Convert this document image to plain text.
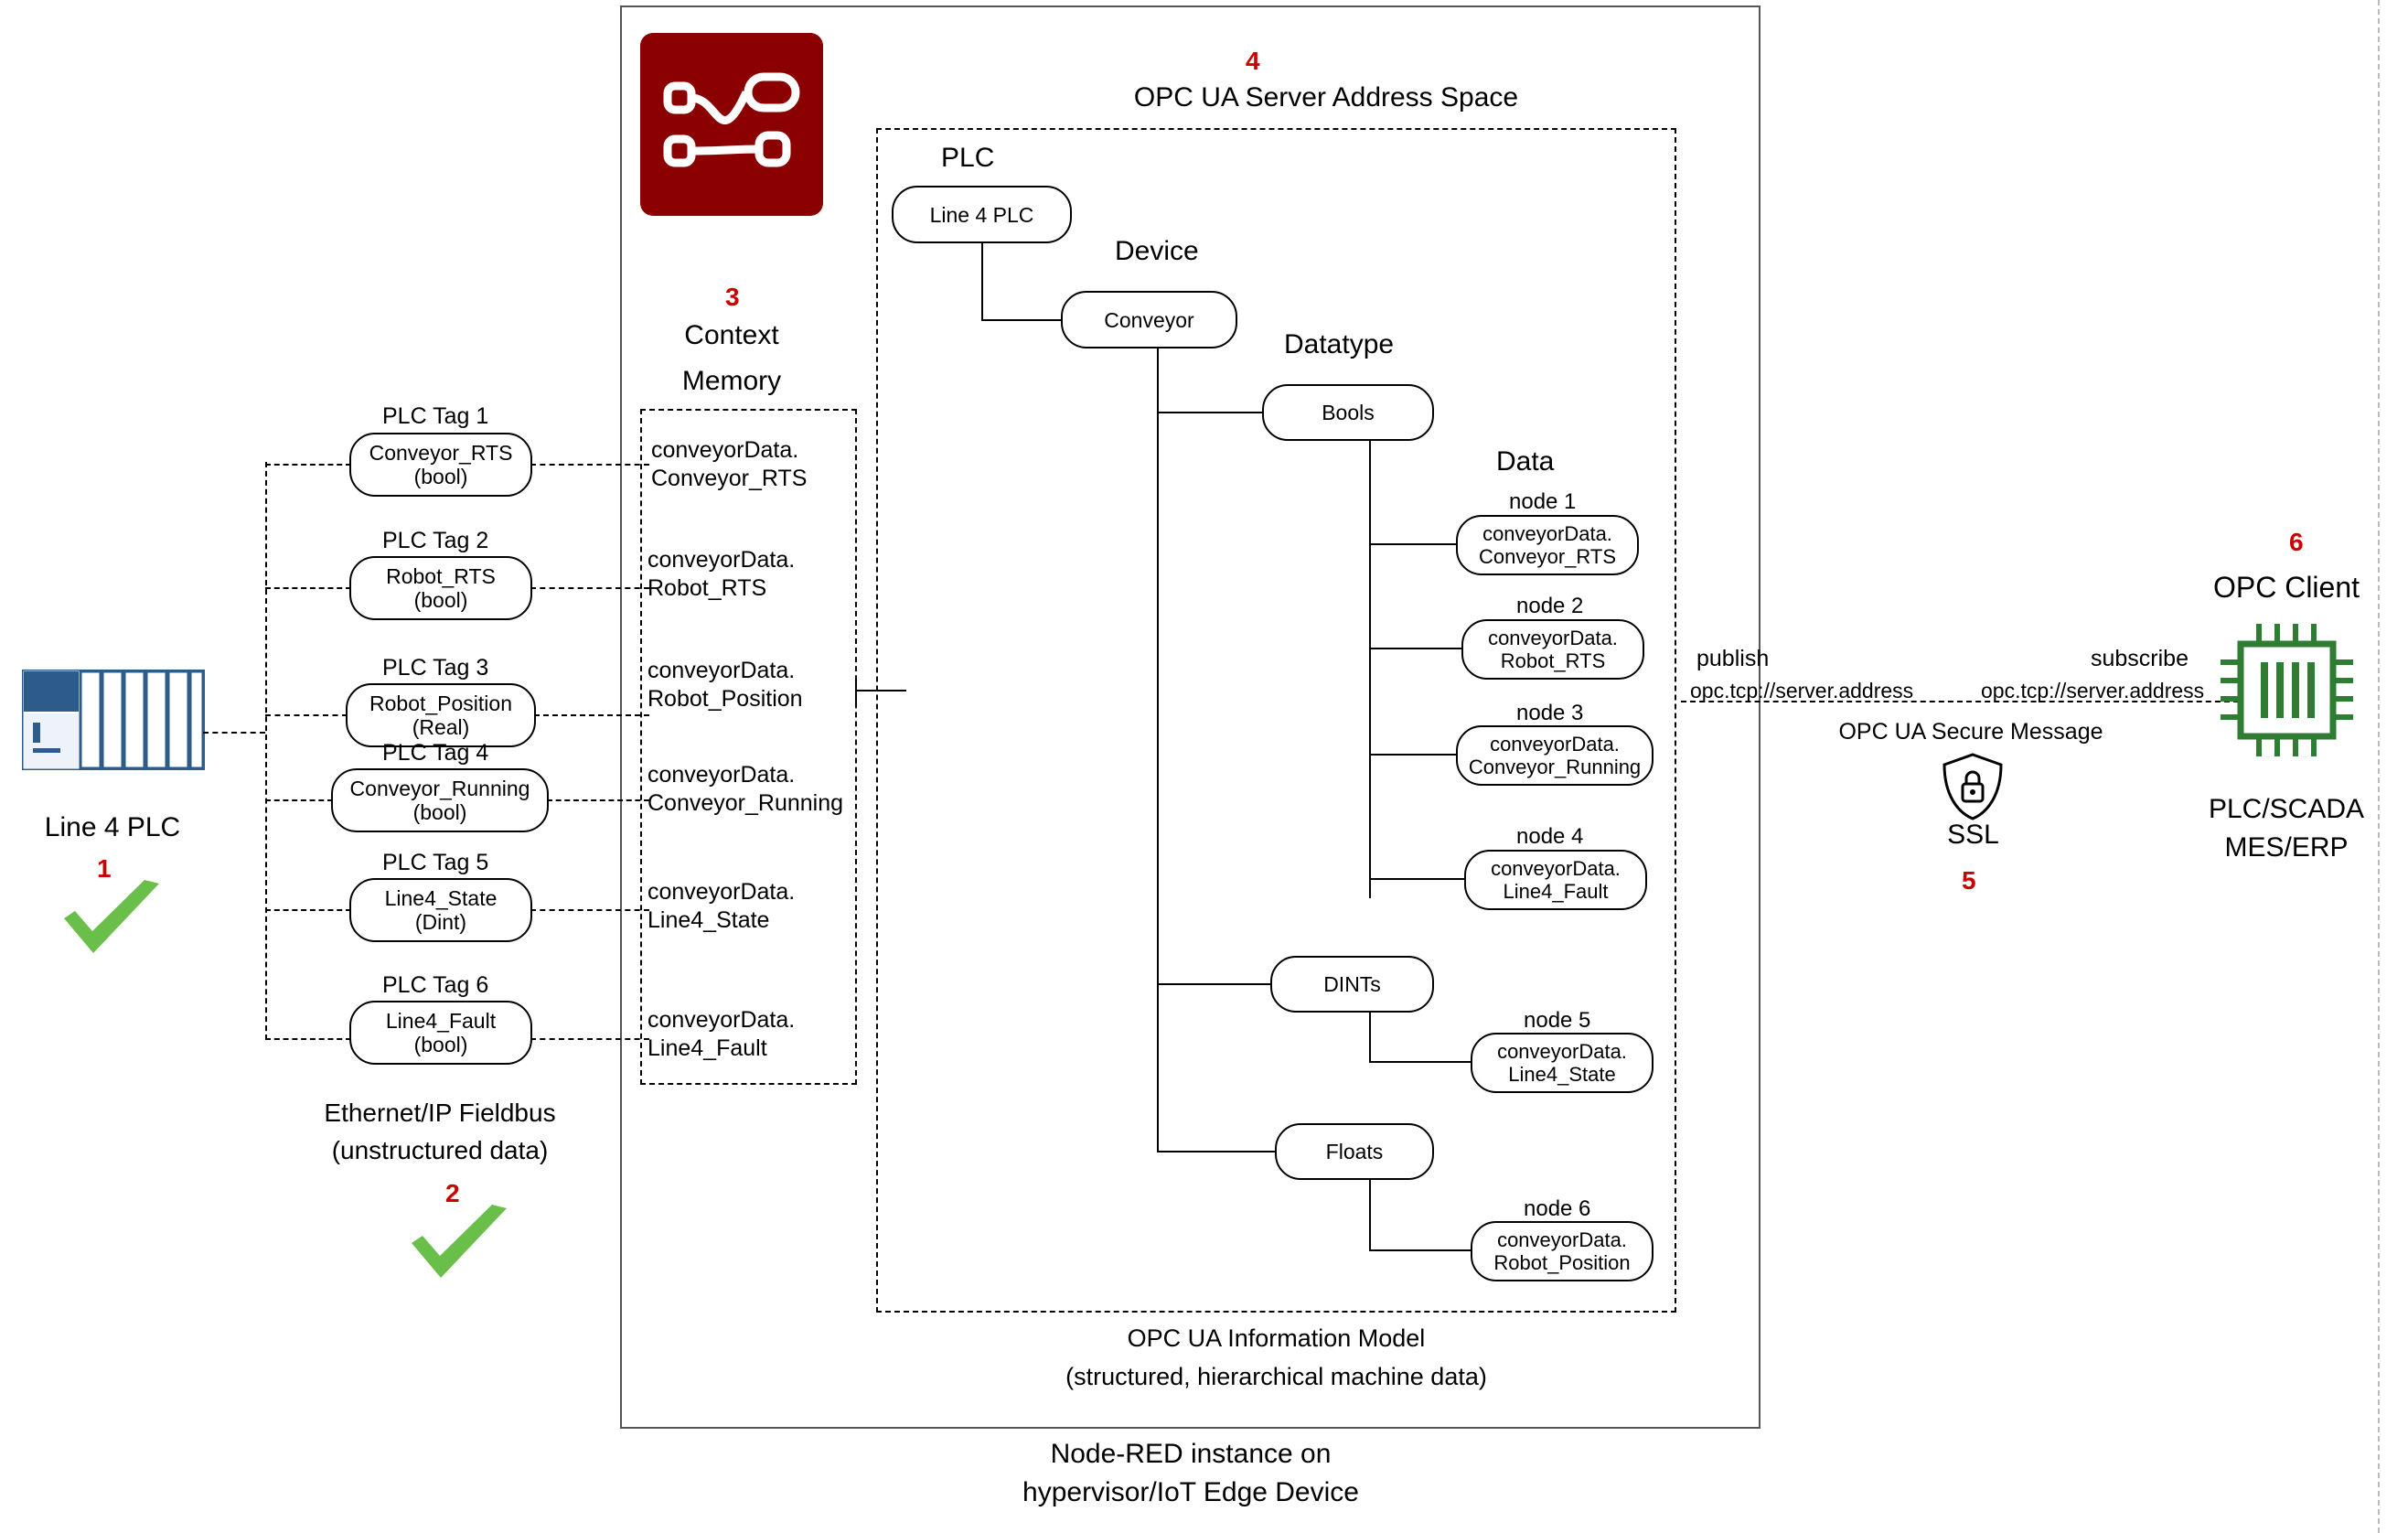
3
Context
Memory
conveyorData.
Conveyor_RTS
conveyorData.
Robot_RTS
conveyorData.
Robot_Position
conveyorData.
Conveyor_Running
conveyorData.
Line4_State
conveyorData.
Line4_Fault
4
OPC UA Server Address Space
PLC
Line 4 PLC
Device
Conveyor
Datatype
Bools
DINTs
Floats
Data
node 1
conveyorData.
Conveyor_RTS
node 2
conveyorData.
Robot_RTS
node 3
conveyorData.
Conveyor_Running
node 4
conveyorData.
Line4_Fault
node 5
conveyorData.
Line4_State
node 6
conveyorData.
Robot_Position
OPC UA Information Model
(structured, hierarchical machine data)
Node-RED instance on
hypervisor/IoT Edge Device
Line 4 PLC
1
PLC Tag 1
Conveyor_RTS
(bool)
PLC Tag 2
Robot_RTS
(bool)
PLC Tag 3
Robot_Position
(Real)
PLC Tag 4
Conveyor_Running
(bool)
PLC Tag 5
Line4_State
(Dint)
PLC Tag 6
Line4_Fault
(bool)
Ethernet/IP Fieldbus
(unstructured data)
2
publish
opc.tcp://server.address
subscribe
opc.tcp://server.address
OPC UA Secure Message
SSL
5
6
OPC Client
PLC/SCADA
MES/ERP
